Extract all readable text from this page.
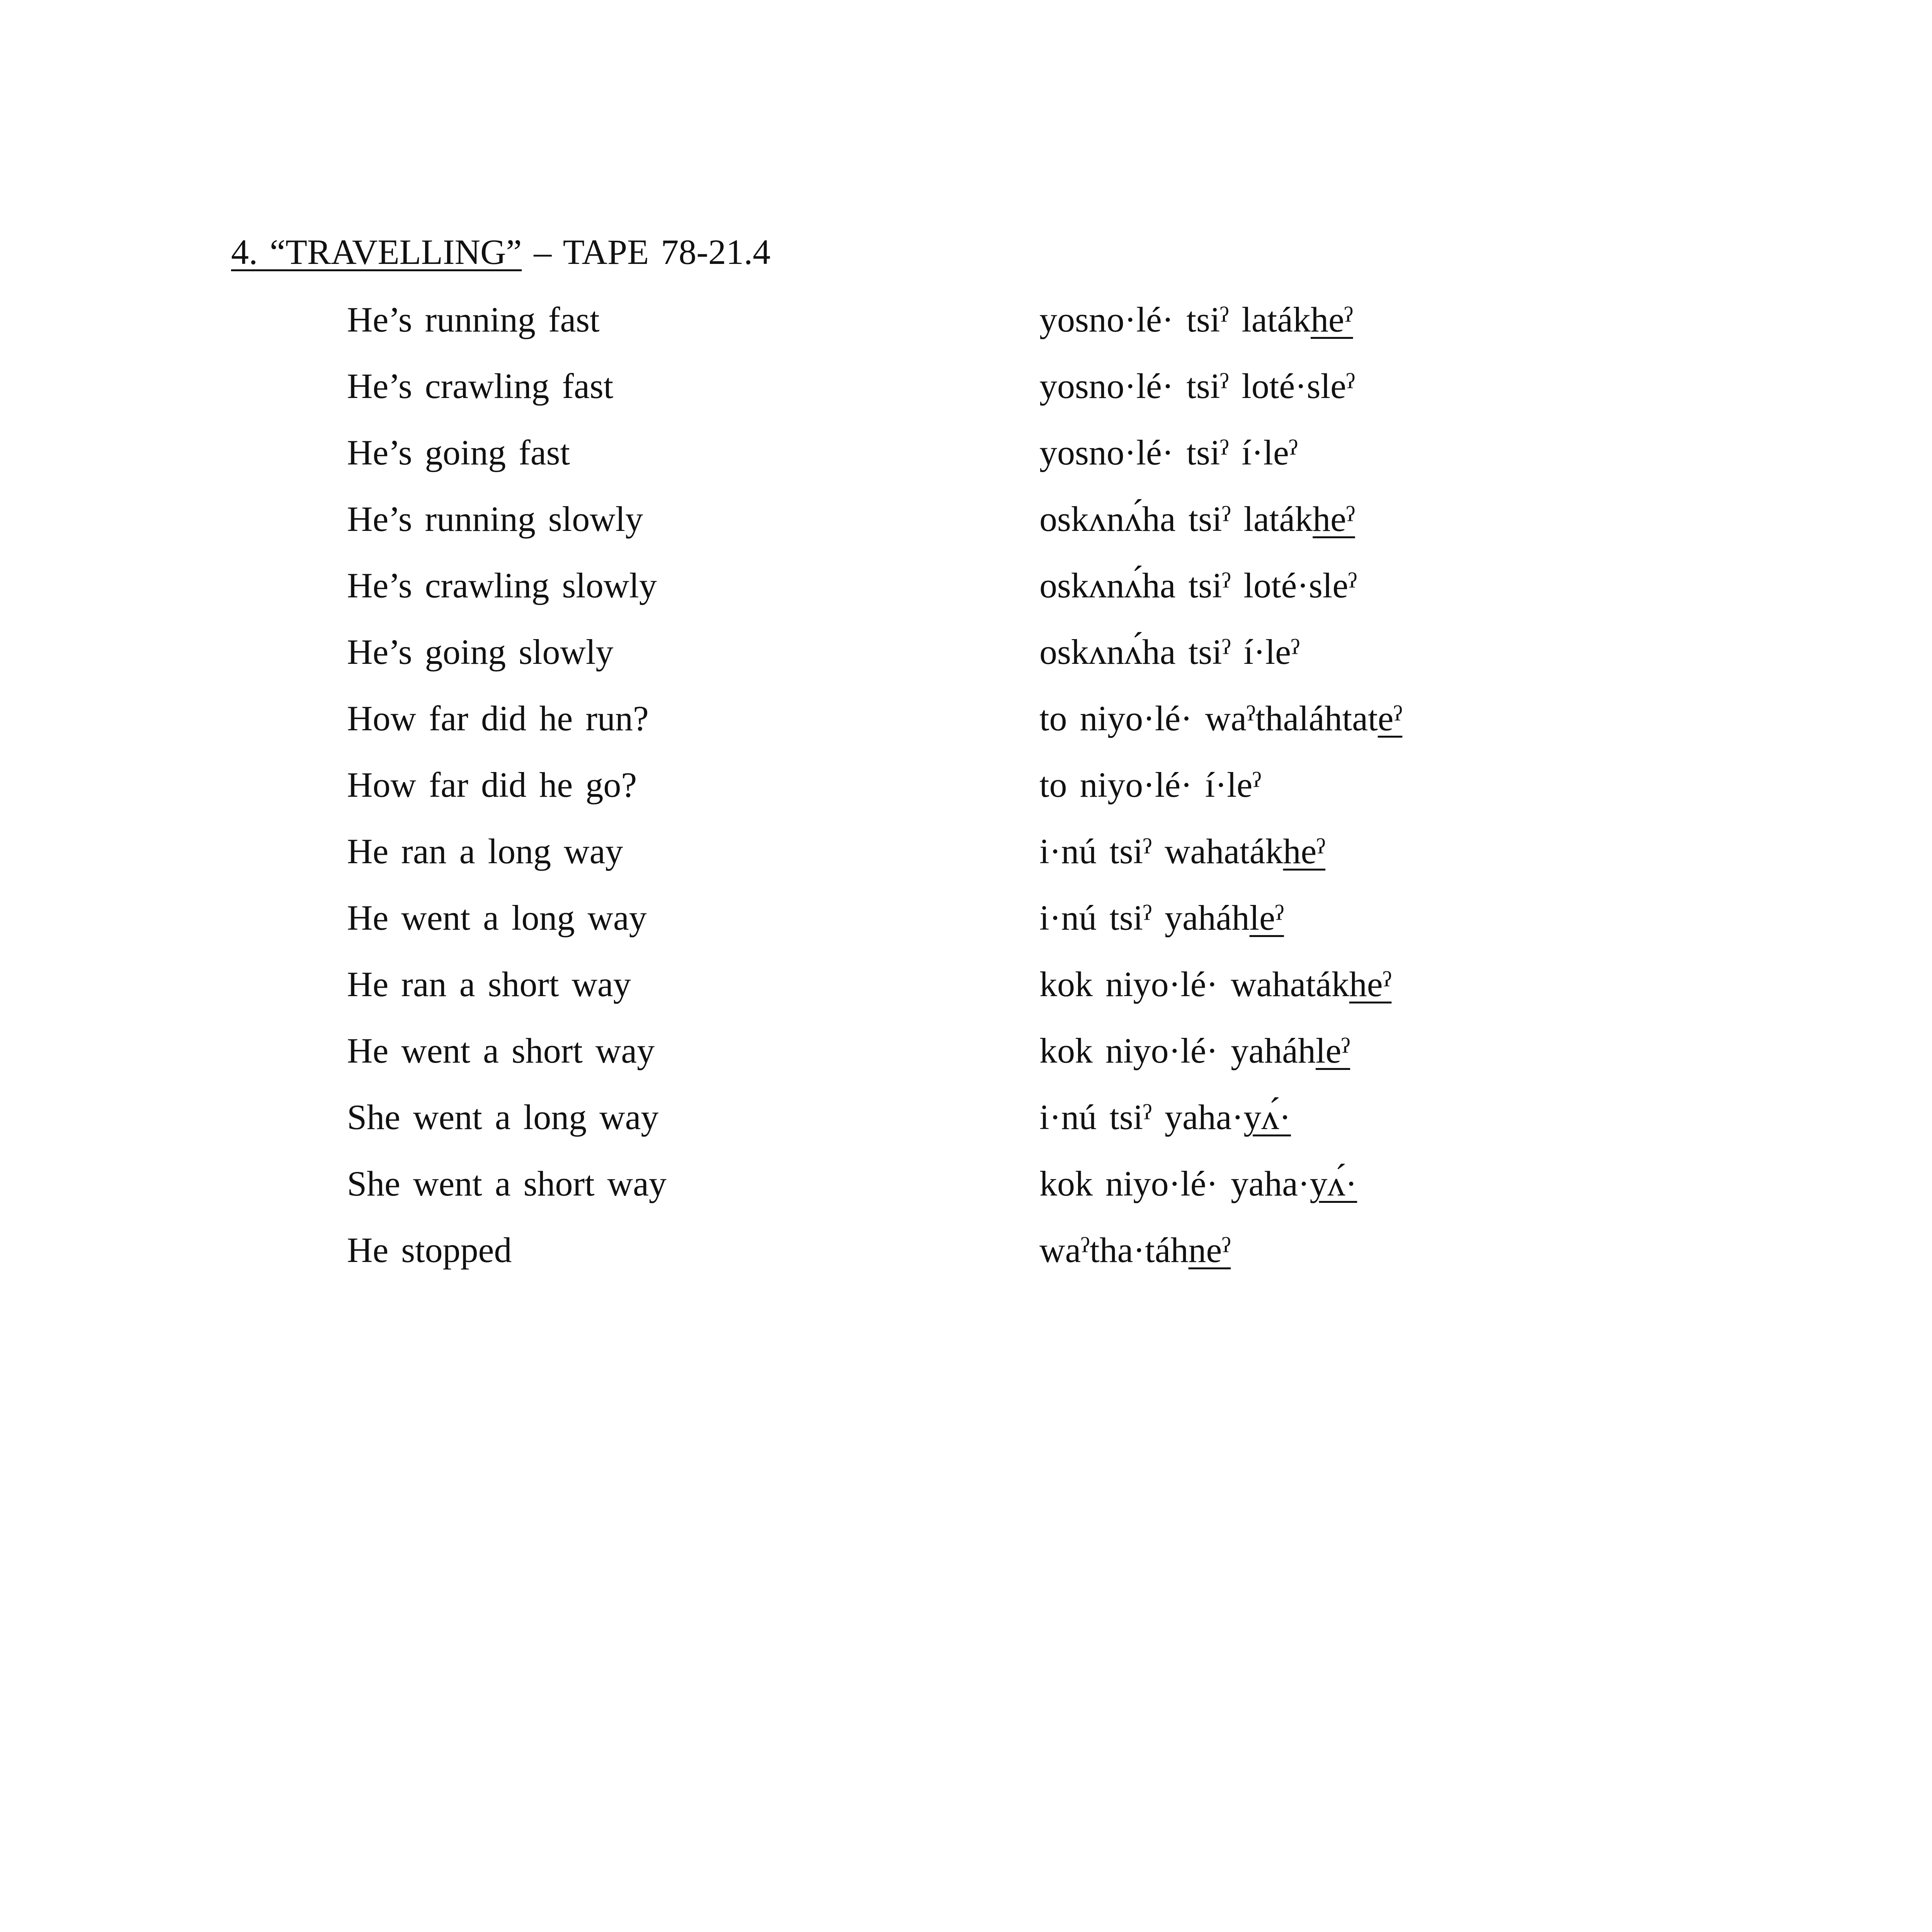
4. “TRAVELLING” – TAPE 78-21.4
He’s running fast	yosno·lé· tsiˀ latákheˀ
He’s crawling fast	yosno·lé· tsiˀ loté·sleˀ
He’s going fast	yosno·lé· tsiˀ í·leˀ
He’s running slowly	oskʌnʌ́ha tsiˀ latákheˀ
He’s crawling slowly	oskʌnʌ́ha tsiˀ loté·sleˀ
He’s going slowly	oskʌnʌ́ha tsiˀ í·leˀ
How far did he run?	to niyo·lé· waˀthaláhtateˀ
How far did he go?	to niyo·lé· í·leˀ
He ran a long way	i·nú tsiˀ wahatákheˀ
He went a long way	i·nú tsiˀ yaháhleˀ
He ran a short way	kok niyo·lé· wahatákheˀ
He went a short way	kok niyo·lé· yaháhleˀ
She went a long way	i·nú tsiˀ yaha·yʌ́·
She went a short way	kok niyo·lé· yaha·yʌ́·
He stopped	waˀtha·táhneˀ
